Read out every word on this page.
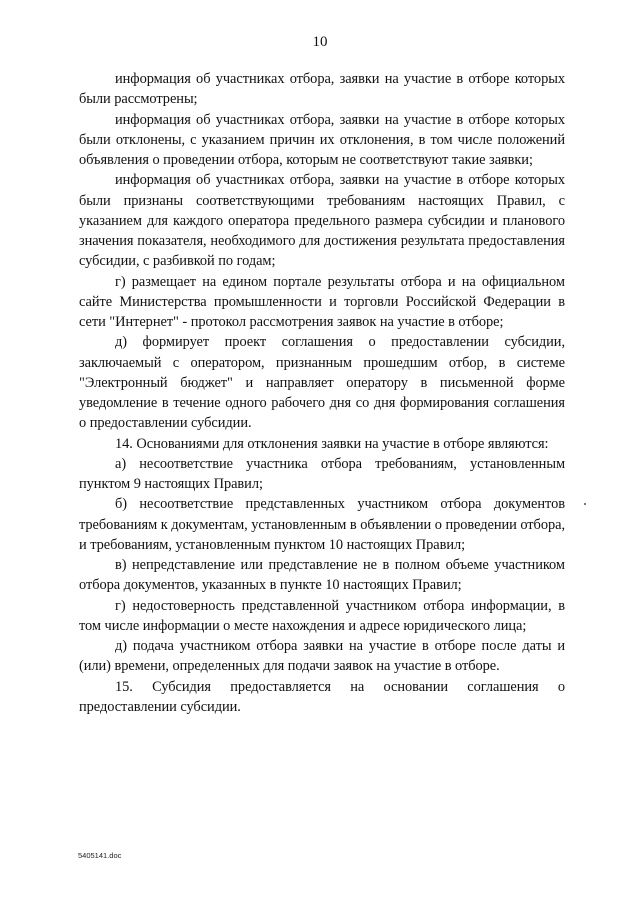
10

информация об участниках отбора, заявки на участие в отборе которых были рассмотрены;

информация об участниках отбора, заявки на участие в отборе которых были отклонены, с указанием причин их отклонения, в том числе положений объявления о проведении отбора, которым не соответствуют такие заявки;

информация об участниках отбора, заявки на участие в отборе которых были признаны соответствующими требованиям настоящих Правил, с указанием для каждого оператора предельного размера субсидии и планового значения показателя, необходимого для достижения результата предоставления субсидии, с разбивкой по годам;

г) размещает на едином портале результаты отбора и на официальном сайте Министерства промышленности и торговли Российской Федерации в сети "Интернет" - протокол рассмотрения заявок на участие в отборе;

д) формирует проект соглашения о предоставлении субсидии, заключаемый с оператором, признанным прошедшим отбор, в системе "Электронный бюджет" и направляет оператору в письменной форме уведомление в течение одного рабочего дня со дня формирования соглашения о предоставлении субсидии.

14. Основаниями для отклонения заявки на участие в отборе являются:

а) несоответствие участника отбора требованиям, установленным пунктом 9 настоящих Правил;

б) несоответствие представленных участником отбора документов требованиям к документам, установленным в объявлении о проведении отбора, и требованиям, установленным пунктом 10 настоящих Правил;

в) непредставление или представление не в полном объеме участником отбора документов, указанных в пункте 10 настоящих Правил;

г) недостоверность представленной участником отбора информации, в том числе информации о месте нахождения и адресе юридического лица;

д) подача участником отбора заявки на участие в отборе после даты и (или) времени, определенных для подачи заявок на участие в отборе.

15. Субсидия предоставляется на основании соглашения о предоставлении субсидии.

5405141.doc
